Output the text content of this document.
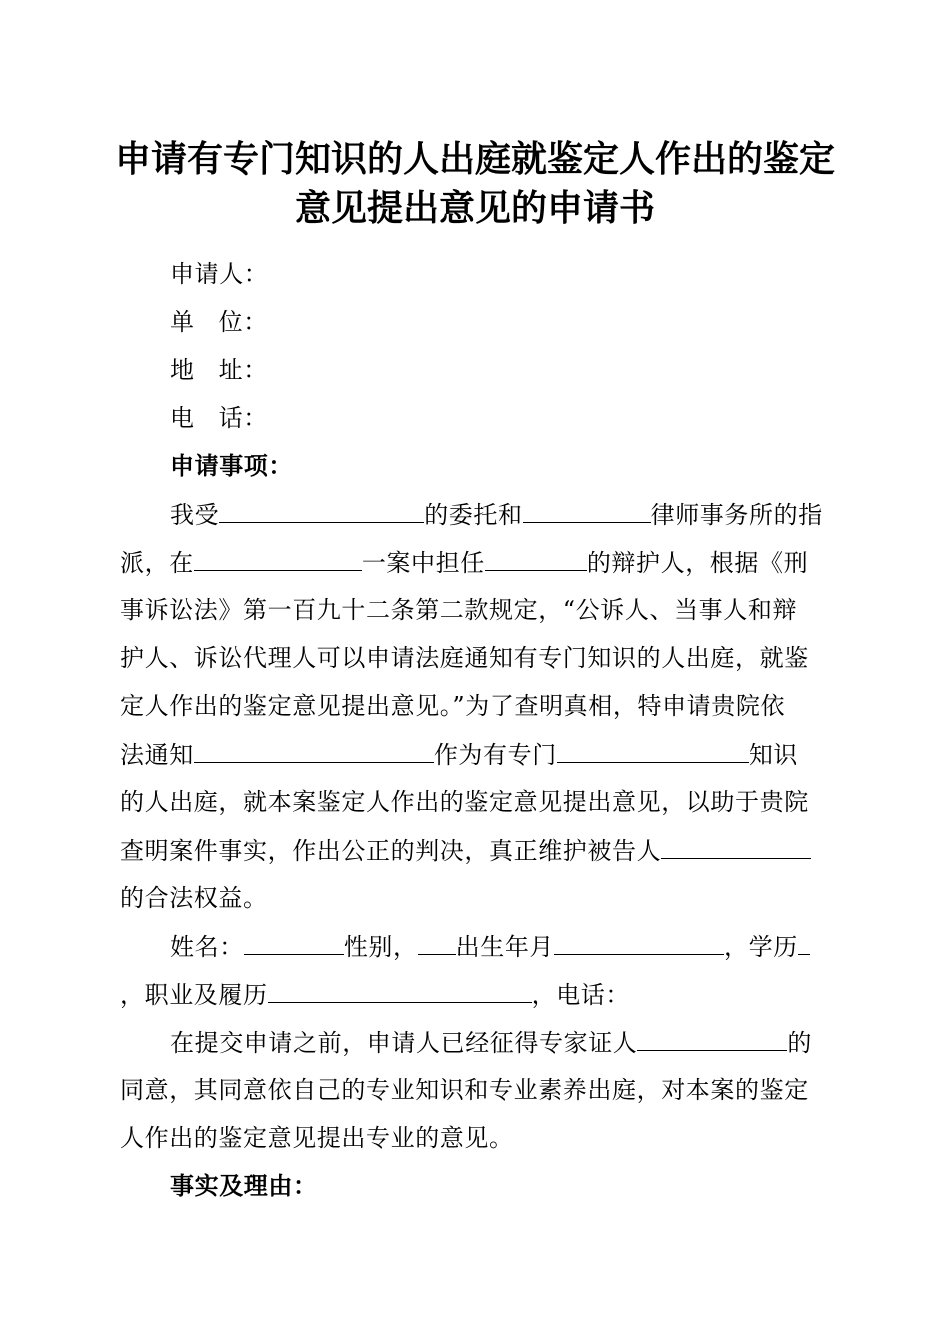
申请有专门知识的人出庭就鉴定人作出的鉴定
意见提出意见的申请书
申请人：
单 位：
地 址：
电 话：
申请事项：
我受	的委托和	律师事务所的指
派，在	一案中担任	的辩护人，根据《刑
事诉讼法》第一百九十二条第二款规定，“公诉人、当事人和辩
护人、诉讼代理人可以申请法庭通知有专门知识的人出庭，就鉴
定人作出的鉴定意见提出意见。”为了查明真相，特申请贵院依
法通知	作为有专门	知识
的人出庭，就本案鉴定人作出的鉴定意见提出意见，以助于贵院
查明案件事实，作出公正的判决，真正维护被告人
的合法权益。
姓名：	性别， 出生年月	，学历
，职业及履历	，电话：
在提交申请之前，申请人已经征得专家证人	的
同意，其同意依自己的专业知识和专业素养出庭，对本案的鉴定
人作出的鉴定意见提出专业的意见。
事实及理由：
